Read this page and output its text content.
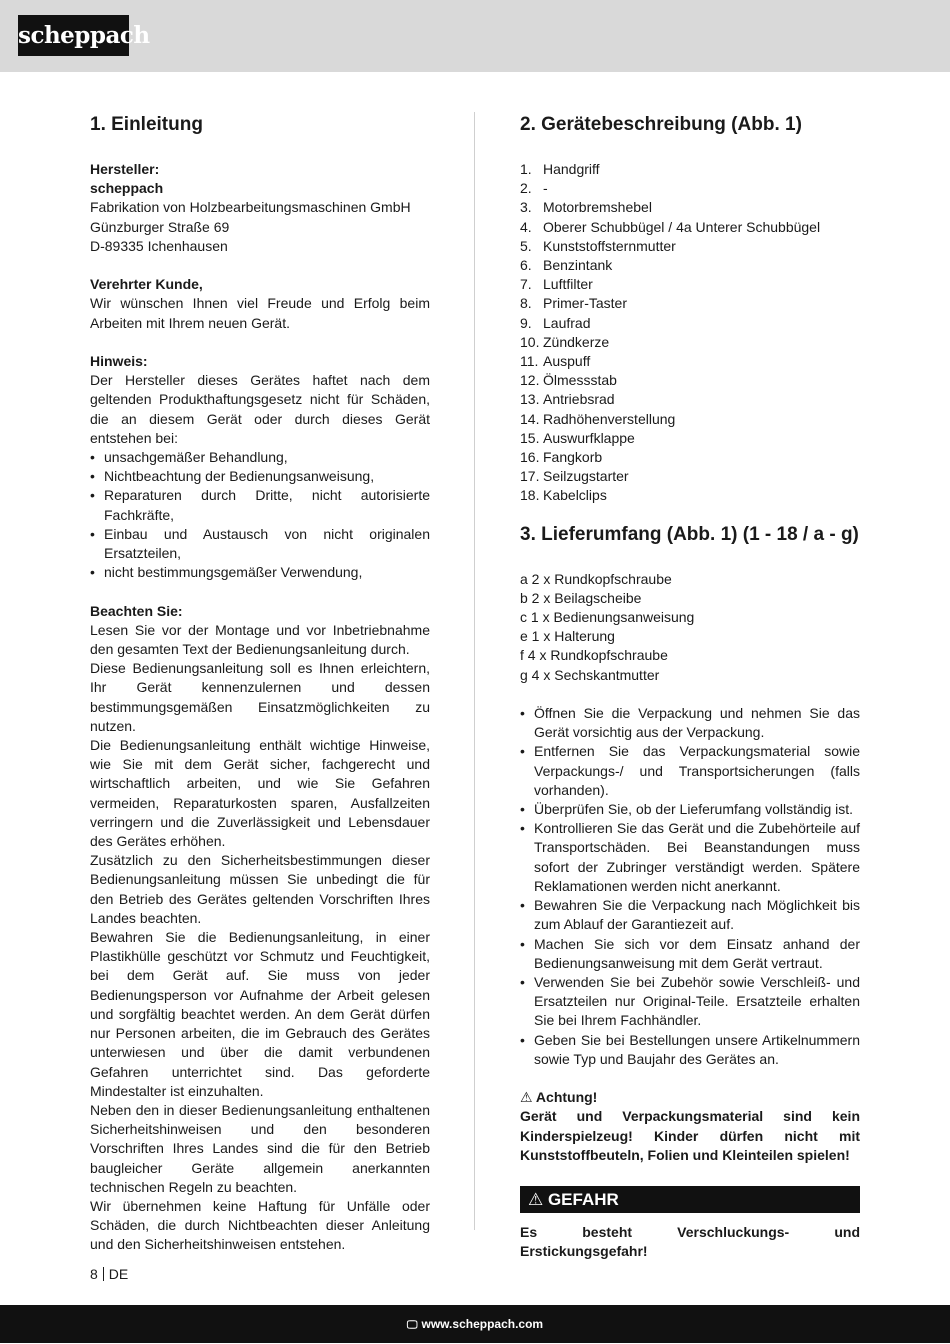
scheppach
1. Einleitung
Hersteller:
scheppach
Fabrikation von Holzbearbeitungsmaschinen GmbH
Günzburger Straße 69
D-89335 Ichenhausen
Verehrter Kunde,

Wir wünschen Ihnen viel Freude und Erfolg beim Arbeiten mit Ihrem neuen Gerät.

Hinweis:

Der Hersteller dieses Gerätes haftet nach dem geltenden Produkthaftungsgesetz nicht für Schäden, die an diesem Gerät oder durch dieses Gerät entstehen bei:

• unsachgemäßer Behandlung,
• Nichtbeachtung der Bedienungsanweisung,
• Reparaturen durch Dritte, nicht autorisierte Fachkräfte,
• Einbau und Austausch von nicht originalen Ersatzteilen,
• nicht bestimmungsgemäßer Verwendung,
Beachten Sie:

Lesen Sie vor der Montage und vor Inbetriebnahme den gesamten Text der Bedienungsanleitung durch.

Diese Bedienungsanleitung soll es Ihnen erleichtern, Ihr Gerät kennenzulernen und dessen bestimmungsgemäßen Einsatzmöglichkeiten zu nutzen.

Die Bedienungsanleitung enthält wichtige Hinweise, wie Sie mit dem Gerät sicher, fachgerecht und wirtschaftlich arbeiten, und wie Sie Gefahren vermeiden, Reparaturkosten sparen, Ausfallzeiten verringern und die Zuverlässigkeit und Lebensdauer des Gerätes erhöhen.

Zusätzlich zu den Sicherheitsbestimmungen dieser Bedienungsanleitung müssen Sie unbedingt die für den Betrieb des Gerätes geltenden Vorschriften Ihres Landes beachten.

Bewahren Sie die Bedienungsanleitung, in einer Plastikhülle geschützt vor Schmutz und Feuchtigkeit, bei dem Gerät auf. Sie muss von jeder Bedienungsperson vor Aufnahme der Arbeit gelesen und sorgfältig beachtet werden. An dem Gerät dürfen nur Personen arbeiten, die im Gebrauch des Gerätes unterwiesen und über die damit verbundenen Gefahren unterrichtet sind. Das geforderte Mindestalter ist einzuhalten.

Neben den in dieser Bedienungsanleitung enthaltenen Sicherheitshinweisen und den besonderen Vorschriften Ihres Landes sind die für den Betrieb baugleicher Geräte allgemein anerkannten technischen Regeln zu beachten.

Wir übernehmen keine Haftung für Unfälle oder Schäden, die durch Nichtbeachten dieser Anleitung und den Sicherheitshinweisen entstehen.

2. Gerätebeschreibung (Abb. 1)
1. Handgriff
2. -
3. Motorbremshebel
4. Oberer Schubbügel / 4a Unterer Schubbügel
5. Kunststoffsternmutter
6. Benzintank
7. Luftfilter
8. Primer-Taster
9. Laufrad
10. Zündkerze
11. Auspuff
12. Ölmessstab
13. Antriebsrad
14. Radhöhenverstellung
15. Auswurfklappe
16. Fangkorb
17. Seilzugstarter
18. Kabelclips
3. Lieferumfang (Abb. 1) (1 - 18 / a - g)
a 2 x Rundkopfschraube
b 2 x Beilagscheibe
c 1 x Bedienungsanweisung
e 1 x Halterung
f 4 x Rundkopfschraube
g 4 x Sechskantmutter
• Öffnen Sie die Verpackung und nehmen Sie das Gerät vorsichtig aus der Verpackung.
• Entfernen Sie das Verpackungsmaterial sowie Verpackungs-/ und Transportsicherungen (falls vorhanden).
• Überprüfen Sie, ob der Lieferumfang vollständig ist.
• Kontrollieren Sie das Gerät und die Zubehörteile auf Transportschäden. Bei Beanstandungen muss sofort der Zubringer verständigt werden. Spätere Reklamationen werden nicht anerkannt.
• Bewahren Sie die Verpackung nach Möglichkeit bis zum Ablauf der Garantiezeit auf.
• Machen Sie sich vor dem Einsatz anhand der Bedienungsanweisung mit dem Gerät vertraut.
• Verwenden Sie bei Zubehör sowie Verschleiß- und Ersatzteilen nur Original-Teile. Ersatzteile erhalten Sie bei Ihrem Fachhändler.
• Geben Sie bei Bestellungen unsere Artikelnummern sowie Typ und Baujahr des Gerätes an.
⚠ Achtung!

Gerät und Verpackungsmaterial sind kein Kinderspielzeug! Kinder dürfen nicht mit Kunststoffbeuteln, Folien und Kleinteilen spielen!

⚠ GEFAHR

Es besteht Verschluckungs- und Erstickungsgefahr!

8 DE
🖵 www.scheppach.com
